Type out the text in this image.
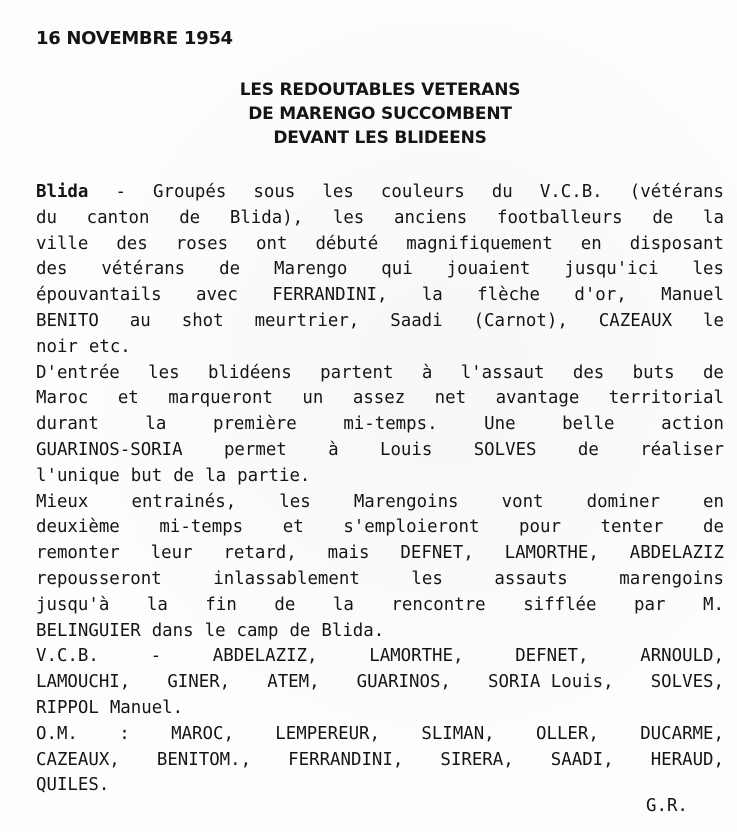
16 NOVEMBRE 1954
LES REDOUTABLES VETERANS
DE MARENGO SUCCOMBENT
DEVANT LES BLIDEENS
Blida - Groupés sous les couleurs du V.C.B. (vétérans
du canton de Blida), les anciens footballeurs de la
ville des roses ont débuté magnifiquement en disposant
des vétérans de Marengo qui jouaient jusqu'ici les
épouvantails avec FERRANDINI, la flèche d'or, Manuel
BENITO au shot meurtrier, Saadi (Carnot), CAZEAUX le
noir etc.
D'entrée les blidéens partent à l'assaut des buts de
Maroc et marqueront un assez net avantage territorial
durant	la	première	mi-temps.	Une	belle	action
GUARINOS-SORIA permet à Louis SOLVES de réaliser
l'unique but de la partie.
Mieux entrainés, les Marengoins vont dominer en
deuxième mi-temps et s'emploieront pour tenter de
remonter leur retard, mais DEFNET, LAMORTHE, ABDELAZIZ
repousseront	inlassablement	les	assauts	marengoins
jusqu'à la fin de la rencontre sifflée par M.
BELINGUIER dans le camp de Blida.
V.C.B.	-	ABDELAZIZ,	LAMORTHE,	DEFNET,	ARNOULD,
LAMOUCHI, GINER, ATEM, GUARINOS, SORIA Louis, SOLVES,
RIPPOL Manuel.
O.M. : MAROC, LEMPEREUR, SLIMAN, OLLER, DUCARME,
CAZEAUX, BENITOM., FERRANDINI, SIRERA, SAADI, HERAUD,
QUILES.
G.R.
